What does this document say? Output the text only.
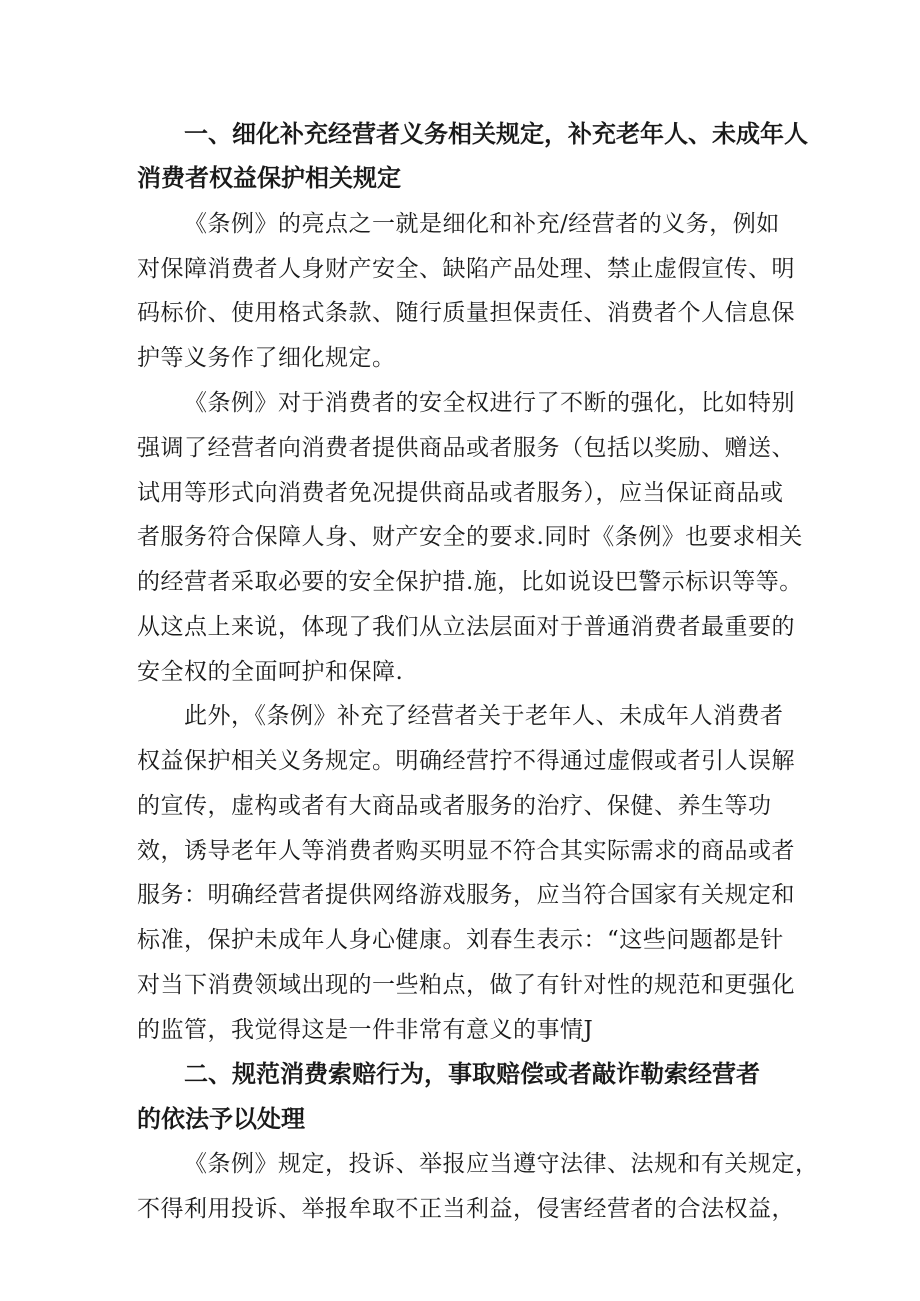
一、细化补充经营者义务相关规定，补充老年人、未成年人
消费者权益保护相关规定
《条例》的亮点之一就是细化和补充/经营者的义务，例如
对保障消费者人身财产安全、缺陷产品处理、禁止虚假宣传、明
码标价、使用格式条款、随行质量担保责任、消费者个人信息保
护等义务作了细化规定。
《条例》对于消费者的安全权进行了不断的强化，比如特别
强调了经营者向消费者提供商品或者服务（包括以奖励、赠送、
试用等形式向消费者免况提供商品或者服务），应当保证商品或
者服务符合保障人身、财产安全的要求.同时《条例》也要求相关
的经营者采取必要的安全保护措.施，比如说设巴警示标识等等。
从这点上来说，体现了我们从立法层面对于普通消费者最重要的
安全权的全面呵护和保障.
此外，《条例》补充了经营者关于老年人、未成年人消费者
权益保护相关义务规定。明确经营拧不得通过虚假或者引人误解
的宣传，虚构或者有大商品或者服务的治疗、保健、养生等功
效，诱导老年人等消费者购买明显不符合其实际需求的商品或者
服务：明确经营者提供网络游戏服务，应当符合国家有关规定和
标准，保护未成年人身心健康。刘春生表示：“这些问题都是针
对当下消费领域出现的一些粕点，做了有针对性的规范和更强化
的监管，我觉得这是一件非常有意义的事情J
二、规范消费索赔行为，事取赔偿或者敲诈勒索经营者
的依法予以处理
《条例》规定，投诉、举报应当遵守法律、法规和有关规定，
不得利用投诉、举报牟取不正当利益，侵害经营者的合法权益，
